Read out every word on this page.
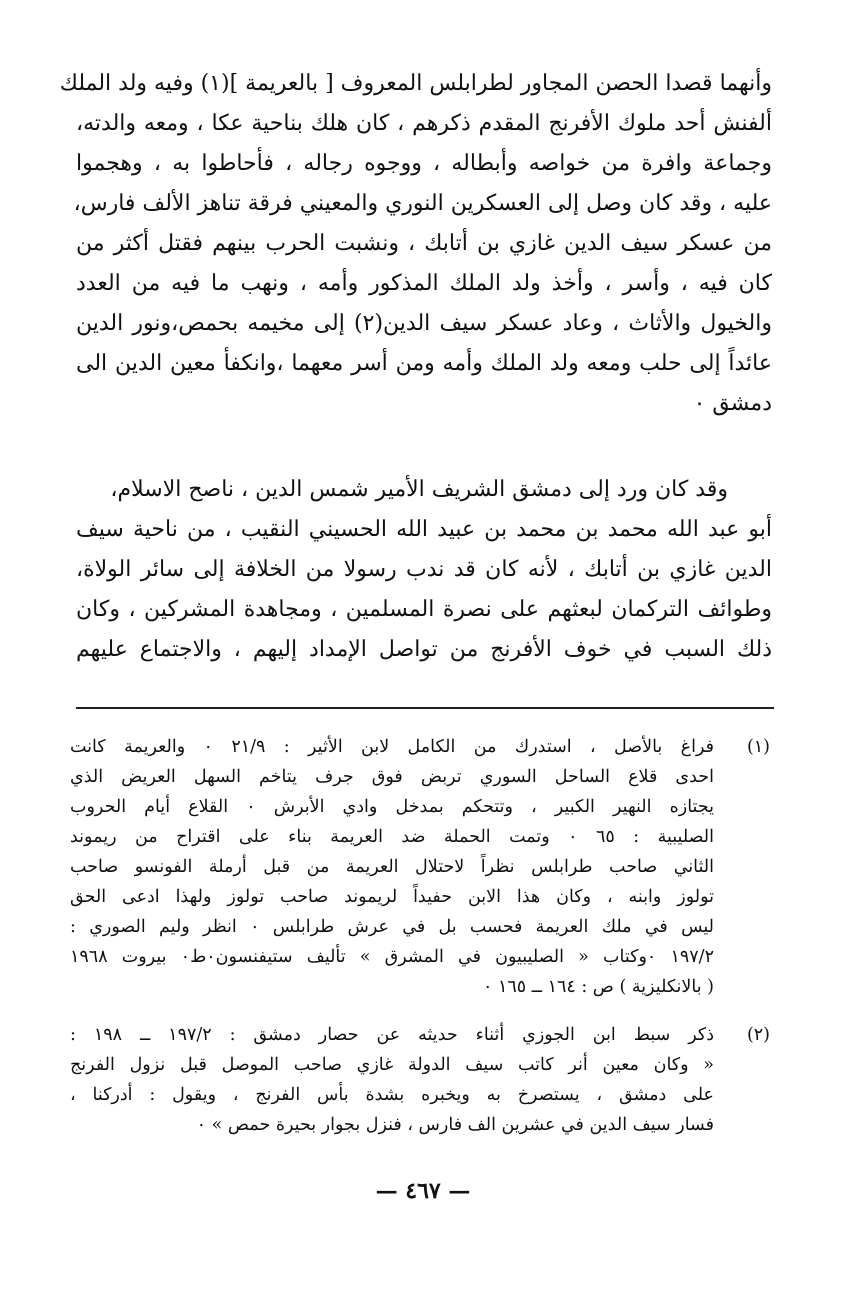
وأنهما قصدا الحصن المجاور لطرابلس المعروف [ بالعريمة ](١) وفيه ولد الملك
ألفنش أحد ملوك الأفرنج المقدم ذكرهم ، كان هلك بناحية عكا ، ومعه والدته،
وجماعة وافرة من خواصه وأبطاله ، ووجوه رجاله ، فأحاطوا به ، وهجموا
عليه ، وقد كان وصل إلى العسكرين النوري والمعيني فرقة تناهز الألف فارس،
من عسكر سيف الدين غازي بن أتابك ، ونشبت الحرب بينهم فقتل أكثر من
كان فيه ، وأسر ، وأخذ ولد الملك المذكور وأمه ، ونهب ما فيه من العدد
والخيول والأثاث ، وعاد عسكر سيف الدين(٢) إلى مخيمه بحمص،ونور الدين
عائداً إلى حلب ومعه ولد الملك وأمه ومن أسر معهما ،وانكفأ معين الدين الى
دمشق ٠
وقد كان ورد إلى دمشق الشريف الأمير شمس الدين ، ناصح الاسلام،
أبو عبد الله محمد بن محمد بن عبيد الله الحسيني النقيب ، من ناحية سيف
الدين غازي بن أتابك ، لأنه كان قد ندب رسولا من الخلافة إلى سائر الولاة،
وطوائف التركمان لبعثهم على نصرة المسلمين ، ومجاهدة المشركين ، وكان
ذلك السبب في خوف الأفرنج من تواصل الإمداد إليهم ، والاجتماع عليهم
(١)
فراغ بالأصل ، استدرك من الكامل لابن الأثير : ٢١/٩ ٠ والعريمة كانت
احدى قلاع الساحل السوري تربض فوق جرف يتاخم السهل العريض الذي
يجتازه النهير الكبير ، وتتحكم بمدخل وادي الأبرش ٠ القلاع أيام الحروب
الصليبية : ٦٥ ٠ وتمت الحملة ضد العريمة بناء على اقتراح من ريموند
الثاني صاحب طرابلس نظراً لاحتلال العريمة من قبل أرملة الفونسو صاحب
تولوز وابنه ، وكان هذا الابن حفيداً لريموند صاحب تولوز ولهذا ادعى الحق
ليس في ملك العريمة فحسب بل في عرش طرابلس ٠ انظر وليم الصوري :
١٩٧/٢ ٠وكتاب « الصليبيون في المشرق » تأليف ستيفنسون٠ط٠ بيروت ١٩٦٨
( بالانكليزية ) ص : ١٦٤ ــ ١٦٥ ٠
(٢)
ذكر سبط ابن الجوزي أثناء حديثه عن حصار دمشق : ١٩٧/٢ ــ ١٩٨ :
« وكان معين أنر كاتب سيف الدولة غازي صاحب الموصل قبل نزول الفرنج
على دمشق ، يستصرخ به ويخبره بشدة بأس الفرنج ، ويقول : أدركنا ،
فسار سيف الدين في عشرين الف فارس ، فنزل بجوار بحيرة حمص » ٠
— ٤٦٧ —
